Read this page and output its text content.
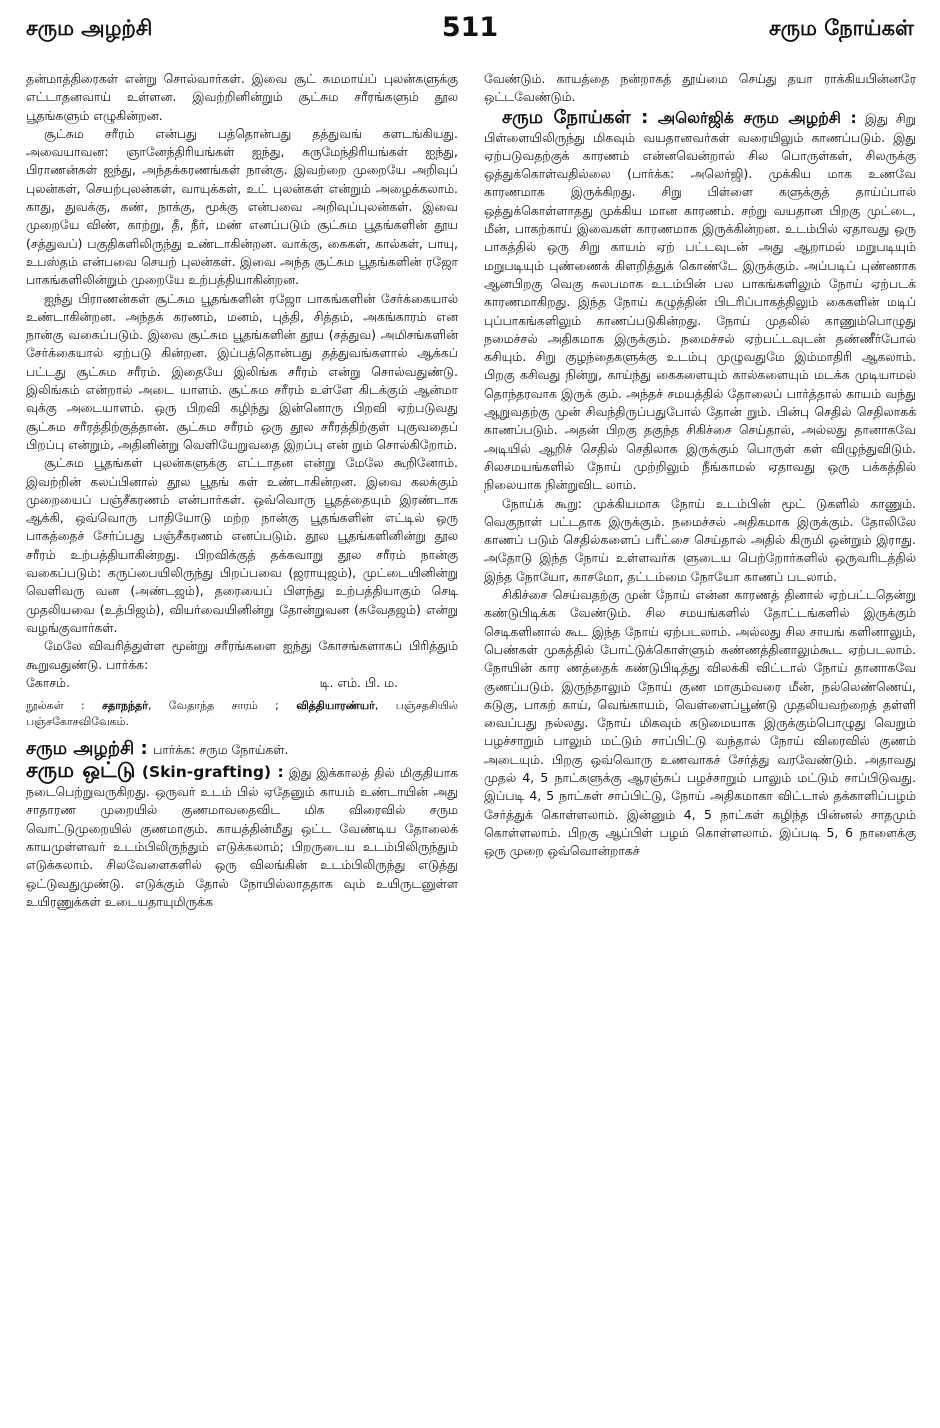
சரும அழற்சி	511	சரும நோய்கள்

தன்மாத்திரைகள் என்று சொல்வார்கள். இவை சூட் சுமமாய்ப் புலன்களுக்கு எட்டாதனவாய் உள்ளன. இவற்றினின்றும் சூட்சும சரீரங்களும் தூல பூதங்களும் எழுகின்றன.

சூட்சும சரீரம் என்பது பத்தொன்பது தத்துவங் களடங்கியது. அவையாவன: ஞானேந்திரியங்கள் ஐந்து, கருமேந்திரியங்கள் ஐந்து, பிராணன்கள் ஐந்து, அந்தக்கரணங்கள் நான்கு. இவற்றை முறையே அறிவுப் புலன்கள், செயற்புலன்கள், வாயுக்கள், உட் புலன்கள் என்றும் அழைக்கலாம். காது, துவக்கு, கண், நாக்கு, மூக்கு என்பவை அறிவுப்புலன்கள். இவை முறையே விண், காற்று, தீ, நீர், மண் எனப்படும் சூட்சும பூதங்களின் தூய (சத்துவப்) பகுதிகளிலிருந்து உண்டாகின்றன. வாக்கு, கைகள், கால்கள், பாயு, உபஸ்தம் என்பவை செயற் புலன்கள். இவை அந்த சூட்சும பூதங்களின் ரஜோ பாகங்களிலின்றும் முறையே உற்பத்தியாகின்றன.

ஐந்து பிராணன்கள் சூட்சும பூதங்களின் ரஜோ பாகங்களின் சேர்க்கையால் உண்டாகின்றன. அந்தக் கரணம், மனம், புத்தி, சித்தம், அகங்காரம் என நான்கு வகைப்படும். இவை சூட்சும பூதங்களின் தூய (சத்துவ) அமிசங்களின் சேர்க்கையால் ஏற்படு கின்றன. இப்பத்தொன்பது தத்துவங்களால் ஆக்கப் பட்டது சூட்சும சரீரம். இதையே இலிங்க சரீரம் என்று சொல்வதுண்டு. இலிங்கம் என்றால் அடை யாளம். சூட்சும சரீரம் உள்ளே கிடக்கும் ஆன்மா வுக்கு அடையாளம். ஒரு பிறவி கழிந்து இன்னொரு பிறவி ஏற்படுவது சூட்சும சரீரத்திற்குத்தான். சூட்சும சரீரம் ஒரு தூல சரீரத்திற்குள் புகுவதைப் பிறப்பு என்றும், அதினின்று வெளியேறுவதை இறப்பு என் றும் சொல்கிறோம்.

சூட்சும பூதங்கள் புலன்களுக்கு எட்டாதன என்று மேலே கூறினோம். இவற்றின் கலப்பினால் தூல பூதங் கள் உண்டாகின்றன. இவை கலக்கும் முறையைப் பஞ்சீகரணம் என்பார்கள். ஒவ்வொரு பூதத்தையும் இரண்டாக ஆக்கி, ஒவ்வொரு பாதியோடு மற்ற நான்கு பூதங்களின் எட்டில் ஒரு பாகத்தைச் சேர்ப்பது பஞ்சீகரணம் எனப்படும். தூல பூதங்களினின்று தூல சரீரம் உற்பத்தியாகின்றது. பிறவிக்குத் தக்கவாறு தூல சரீரம் நான்கு வகைப்படும்: கருப்பையிலிருந்து பிறப்பவை (ஜராயுஜம்), முட்டையினின்று வெளிவரு வன (அண்டஜம்), தரையைப் பிளந்து உற்பத்தியாகும் செடி முதலியவை (உத்பிஜம்), வியர்வையினின்று தோன்றுவன (சுவேதஜம்) என்று வழங்குவார்கள்.

மேலே விவரித்துள்ள மூன்று சரீரங்களை ஐந்து கோசங்களாகப் பிரித்தும் கூறுவதுண்டு. பார்க்க:

கோசம்.	டி. எம். பி. ம.

நூல்கள் : சதாநந்தர், வேதாந்த சாரம் ; வித்தியாரண்யர், பஞ்சதசியில் பஞ்சகோசவிவேகம்.

சரும அழற்சி : பார்க்க: சரும நோய்கள்.

சரும ஒட்டு (Skin-grafting) : இது இக்காலத் தில் மிகுதியாக நடைபெற்றுவருகிறது. ஒருவர் உடம் பில் ஏதேனும் காயம் உண்டாயின் அது சாதாரண முறையில் குணமாவதைவிட மிக விரைவில் சரும வொட்டுமுறையில் குணமாகும். காயத்தின்மீது ஒட்ட வேண்டிய தோலைக் காயமுள்ளவர் உடம்பிலிருந்தும் எடுக்கலாம்; பிறருடைய உடம்பிலிருந்தும் எடுக்கலாம். சிலவேளைகளில் ஒரு விலங்கின் உடம்பிலிருந்து எடுத்து ஒட்டுவதுமுண்டு. எடுக்கும் தோல் நோயில்லாததாக வும் உயிருடனுள்ள உயிரணுக்கள் உடையதாயுமிருக்க

வேண்டும். காயத்தை நன்றாகத் தூய்மை செய்து தயா ராக்கியபின்னரே ஒட்டவேண்டும்.

சரும நோய்கள் : அலெர்ஜிக் சரும அழற்சி : இது சிறு பிள்ளையிலிருந்து மிகவும் வயதானவர்கள் வரையிலும் காணப்படும். இது ஏற்படுவதற்குக் காரணம் என்னவென்றால் சில பொருள்கள், சிலருக்கு ஒத்துக்கொள்வதில்லை (பார்க்க: அலெர்ஜி). முக்கிய மாக உணவே காரணமாக இருக்கிறது. சிறு பிள்ளை களுக்குத் தாய்ப்பால் ஒத்துக்கொள்ளாதது முக்கிய மான காரணம். சற்று வயதான பிறகு முட்டை, மீன், பாகற்காய் இவைகள் காரணமாக இருக்கின்றன. உடம்பில் ஏதாவது ஒரு பாகத்தில் ஒரு சிறு காயம் ஏற் பட்டவுடன் அது ஆறாமல் மறுபடியும் மறுபடியும் புண்ணைக் கிளறித்துக் கொண்டே இருக்கும். அப்படிப் புண்ணாக ஆனபிறகு வெகு சுலபமாக உடம்பின் பல பாகங்களிலும் நோய் ஏற்படக் காரணமாகிறது. இந்த நோய் கழுத்தின் பிடரிப்பாகத்திலும் கைகளின் மடிப் புப்பாகங்களிலும் காணப்படுகின்றது. நோய் முதலில் காணும்பொழுது நமைச்சல் அதிகமாக இருக்கும். நமைச்சல் ஏற்பட்டவுடன் தண்ணீர்போல் கசியும். சிறு குழந்தைகளுக்கு உடம்பு முழுவதுமே இம்மாதிரி ஆகலாம். பிறகு கசிவது நின்று, காய்ந்து கைகளையும் கால்களையும் மடக்க முடியாமல் தொந்தரவாக இருக் கும். அந்தச் சமயத்தில் தோலைப் பார்த்தால் காயம் வந்து ஆறுவதற்கு முன் சிவந்திருப்பதுபோல் தோன் றும். பின்பு செதில் செதிலாகக் காணப்படும். அதன் பிறகு தகுந்த சிகிச்சை செய்தால், அல்லது தானாகவே அடியில் ஆறிச் செதில் செதிலாக இருக்கும் பொருள் கள் விழுந்துவிடும். சிலசமயங்களில் நோய் முற்றிலும் நீங்காமல் ஏதாவது ஒரு பக்கத்தில் நிலையாக நின்றுவிட லாம்.

நோய்க் கூறு: முக்கியமாக நோய் உடம்பின் மூட் டுகளில் காணும். வெகுநாள் பட்டதாக இருக்கும். நமைச்சல் அதிகமாக இருக்கும். தோலிலே காணப் படும் செதில்களைப் பரீட்சை செய்தால் அதில் கிருமி ஒன்றும் இராது. அதோடு இந்த நோய் உள்ளவர்க ளுடைய பெற்றோர்களில் ஒருவரிடத்தில் இந்த நோயோ, காசமோ, தட்டம்மை நோயோ காணப் படலாம்.

சிகிச்சை செய்வதற்கு முன் நோய் என்ன காரணத் தினால் ஏற்பட்டதென்று கண்டுபிடிக்க வேண்டும். சில சமயங்களில் தோட்டங்களில் இருக்கும் செடிகளினால் கூட இந்த நோய் ஏற்படலாம். அல்லது சில சாயங் களினாலும், பெண்கள் முகத்தில் போட்டுக்கொள்ளும் சுண்ணத்தினாலும்கூட ஏற்படலாம். நோயின் கார ணத்தைக் கண்டுபிடித்து விலக்கி விட்டால் நோய் தானாகவே குணப்படும். இருந்தாலும் நோய் குண மாகும்வரை மீன், நல்லெண்ணெய், கடுகு, பாகற் காய், வெங்காயம், வெள்ளைப்பூண்டு முதலியவற்றைத் தள்ளி வைப்பது நல்லது. நோய் மிகவும் கடுமையாக இருக்கும்பொழுது வெறும் பழச்சாறும் பாலும் மட்டும் சாப்பிட்டு வந்தால் நோய் விரைவில் குணம் அடையும். பிறகு ஒவ்வொரு உணவாகச் சேர்த்து வரவேண்டும். அதாவது முதல் 4, 5 நாட்களுக்கு ஆரஞ்சுப் பழச்சாறும் பாலும் மட்டும் சாப்பிடுவது. இப்படி 4, 5 நாட்கள் சாப்பிட்டு, நோய் அதிகமாகா விட்டால் தக்காளிப்பழம் சேர்த்துக் கொள்ளலாம். இன்னும் 4, 5 நாட்கள் கழிந்த பின்னல் சாதமும் கொள்ளலாம். பிறகு ஆப்பிள் பழம் கொள்ளலாம். இப்படி 5, 6 நாளைக்கு ஒரு முறை ஒவ்வொன்றாகச்
